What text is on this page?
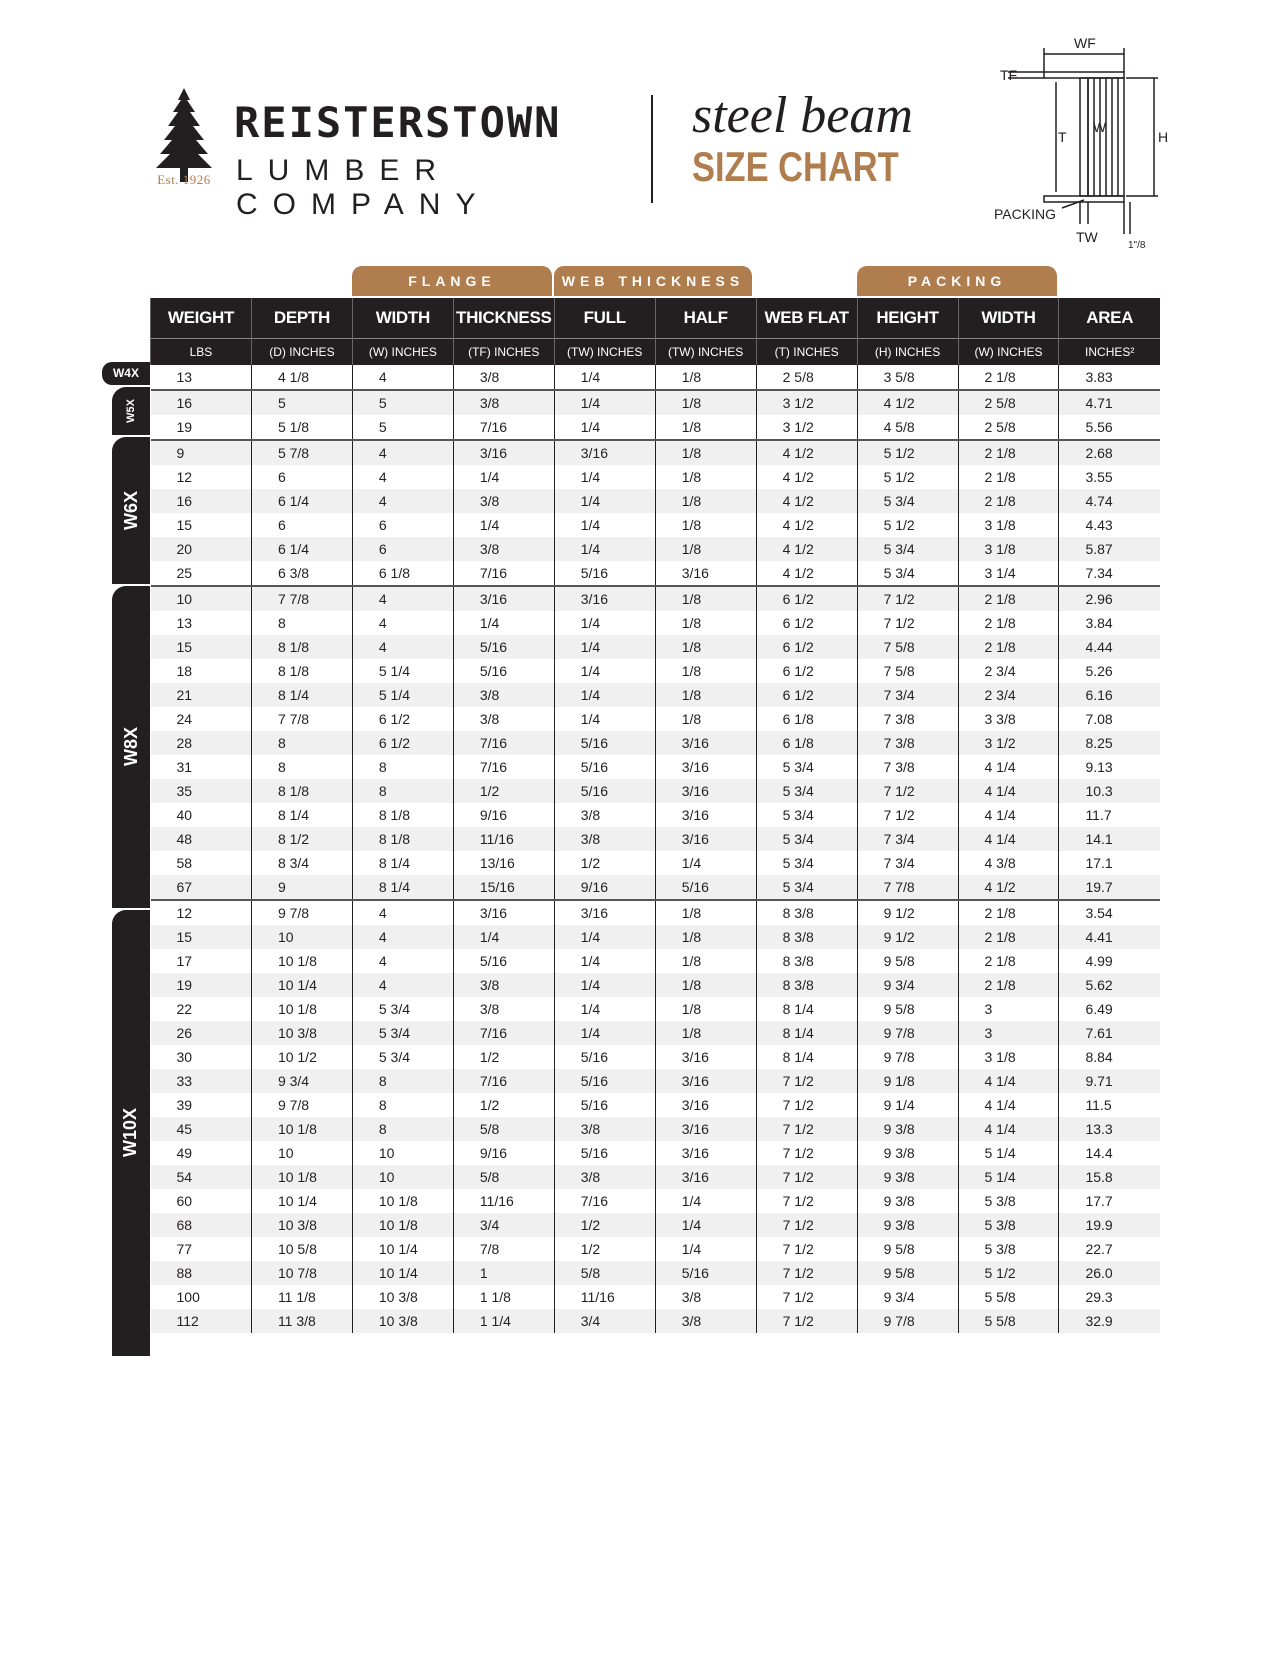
Est. 1926
REISTERSTOWN
LUMBER COMPANY
steel beam
SIZE CHART
WF
TF
T
W
H
PACKING
TW
1"/8
FLANGE	WEB THICKNESS	PACKING
W4X
W5X
W6X
W8X
W10X
WEIGHT	DEPTH	WIDTH	THICKNESS	FULL	HALF	WEB FLAT	HEIGHT	WIDTH	AREA
LBS	(D) INCHES	(W) INCHES	(TF) INCHES	(TW) INCHES	(TW) INCHES	(T) INCHES	(H) INCHES	(W) INCHES	INCHES²
13	4 1/8	4	3/8	1/4	1/8	2 5/8	3 5/8	2 1/8	3.83
16	5	5	3/8	1/4	1/8	3 1/2	4 1/2	2 5/8	4.71
19	5 1/8	5	7/16	1/4	1/8	3 1/2	4 5/8	2 5/8	5.56
9	5 7/8	4	3/16	3/16	1/8	4 1/2	5 1/2	2 1/8	2.68
12	6	4	1/4	1/4	1/8	4 1/2	5 1/2	2 1/8	3.55
16	6 1/4	4	3/8	1/4	1/8	4 1/2	5 3/4	2 1/8	4.74
15	6	6	1/4	1/4	1/8	4 1/2	5 1/2	3 1/8	4.43
20	6 1/4	6	3/8	1/4	1/8	4 1/2	5 3/4	3 1/8	5.87
25	6 3/8	6 1/8	7/16	5/16	3/16	4 1/2	5 3/4	3 1/4	7.34
10	7 7/8	4	3/16	3/16	1/8	6 1/2	7 1/2	2 1/8	2.96
13	8	4	1/4	1/4	1/8	6 1/2	7 1/2	2 1/8	3.84
15	8 1/8	4	5/16	1/4	1/8	6 1/2	7 5/8	2 1/8	4.44
18	8 1/8	5 1/4	5/16	1/4	1/8	6 1/2	7 5/8	2 3/4	5.26
21	8 1/4	5 1/4	3/8	1/4	1/8	6 1/2	7 3/4	2 3/4	6.16
24	7 7/8	6 1/2	3/8	1/4	1/8	6 1/8	7 3/8	3 3/8	7.08
28	8	6 1/2	7/16	5/16	3/16	6 1/8	7 3/8	3 1/2	8.25
31	8	8	7/16	5/16	3/16	5 3/4	7 3/8	4 1/4	9.13
35	8 1/8	8	1/2	5/16	3/16	5 3/4	7 1/2	4 1/4	10.3
40	8 1/4	8 1/8	9/16	3/8	3/16	5 3/4	7 1/2	4 1/4	11.7
48	8 1/2	8 1/8	11/16	3/8	3/16	5 3/4	7 3/4	4 1/4	14.1
58	8 3/4	8 1/4	13/16	1/2	1/4	5 3/4	7 3/4	4 3/8	17.1
67	9	8 1/4	15/16	9/16	5/16	5 3/4	7 7/8	4 1/2	19.7
12	9 7/8	4	3/16	3/16	1/8	8 3/8	9 1/2	2 1/8	3.54
15	10	4	1/4	1/4	1/8	8 3/8	9 1/2	2 1/8	4.41
17	10 1/8	4	5/16	1/4	1/8	8 3/8	9 5/8	2 1/8	4.99
19	10 1/4	4	3/8	1/4	1/8	8 3/8	9 3/4	2 1/8	5.62
22	10 1/8	5 3/4	3/8	1/4	1/8	8 1/4	9 5/8	3	6.49
26	10 3/8	5 3/4	7/16	1/4	1/8	8 1/4	9 7/8	3	7.61
30	10 1/2	5 3/4	1/2	5/16	3/16	8 1/4	9 7/8	3 1/8	8.84
33	9 3/4	8	7/16	5/16	3/16	7 1/2	9 1/8	4 1/4	9.71
39	9 7/8	8	1/2	5/16	3/16	7 1/2	9 1/4	4 1/4	11.5
45	10 1/8	8	5/8	3/8	3/16	7 1/2	9 3/8	4 1/4	13.3
49	10	10	9/16	5/16	3/16	7 1/2	9 3/8	5 1/4	14.4
54	10 1/8	10	5/8	3/8	3/16	7 1/2	9 3/8	5 1/4	15.8
60	10 1/4	10 1/8	11/16	7/16	1/4	7 1/2	9 3/8	5 3/8	17.7
68	10 3/8	10 1/8	3/4	1/2	1/4	7 1/2	9 3/8	5 3/8	19.9
77	10 5/8	10 1/4	7/8	1/2	1/4	7 1/2	9 5/8	5 3/8	22.7
88	10 7/8	10 1/4	1	5/8	5/16	7 1/2	9 5/8	5 1/2	26.0
100	11 1/8	10 3/8	1 1/8	11/16	3/8	7 1/2	9 3/4	5 5/8	29.3
112	11 3/8	10 3/8	1 1/4	3/4	3/8	7 1/2	9 7/8	5 5/8	32.9
